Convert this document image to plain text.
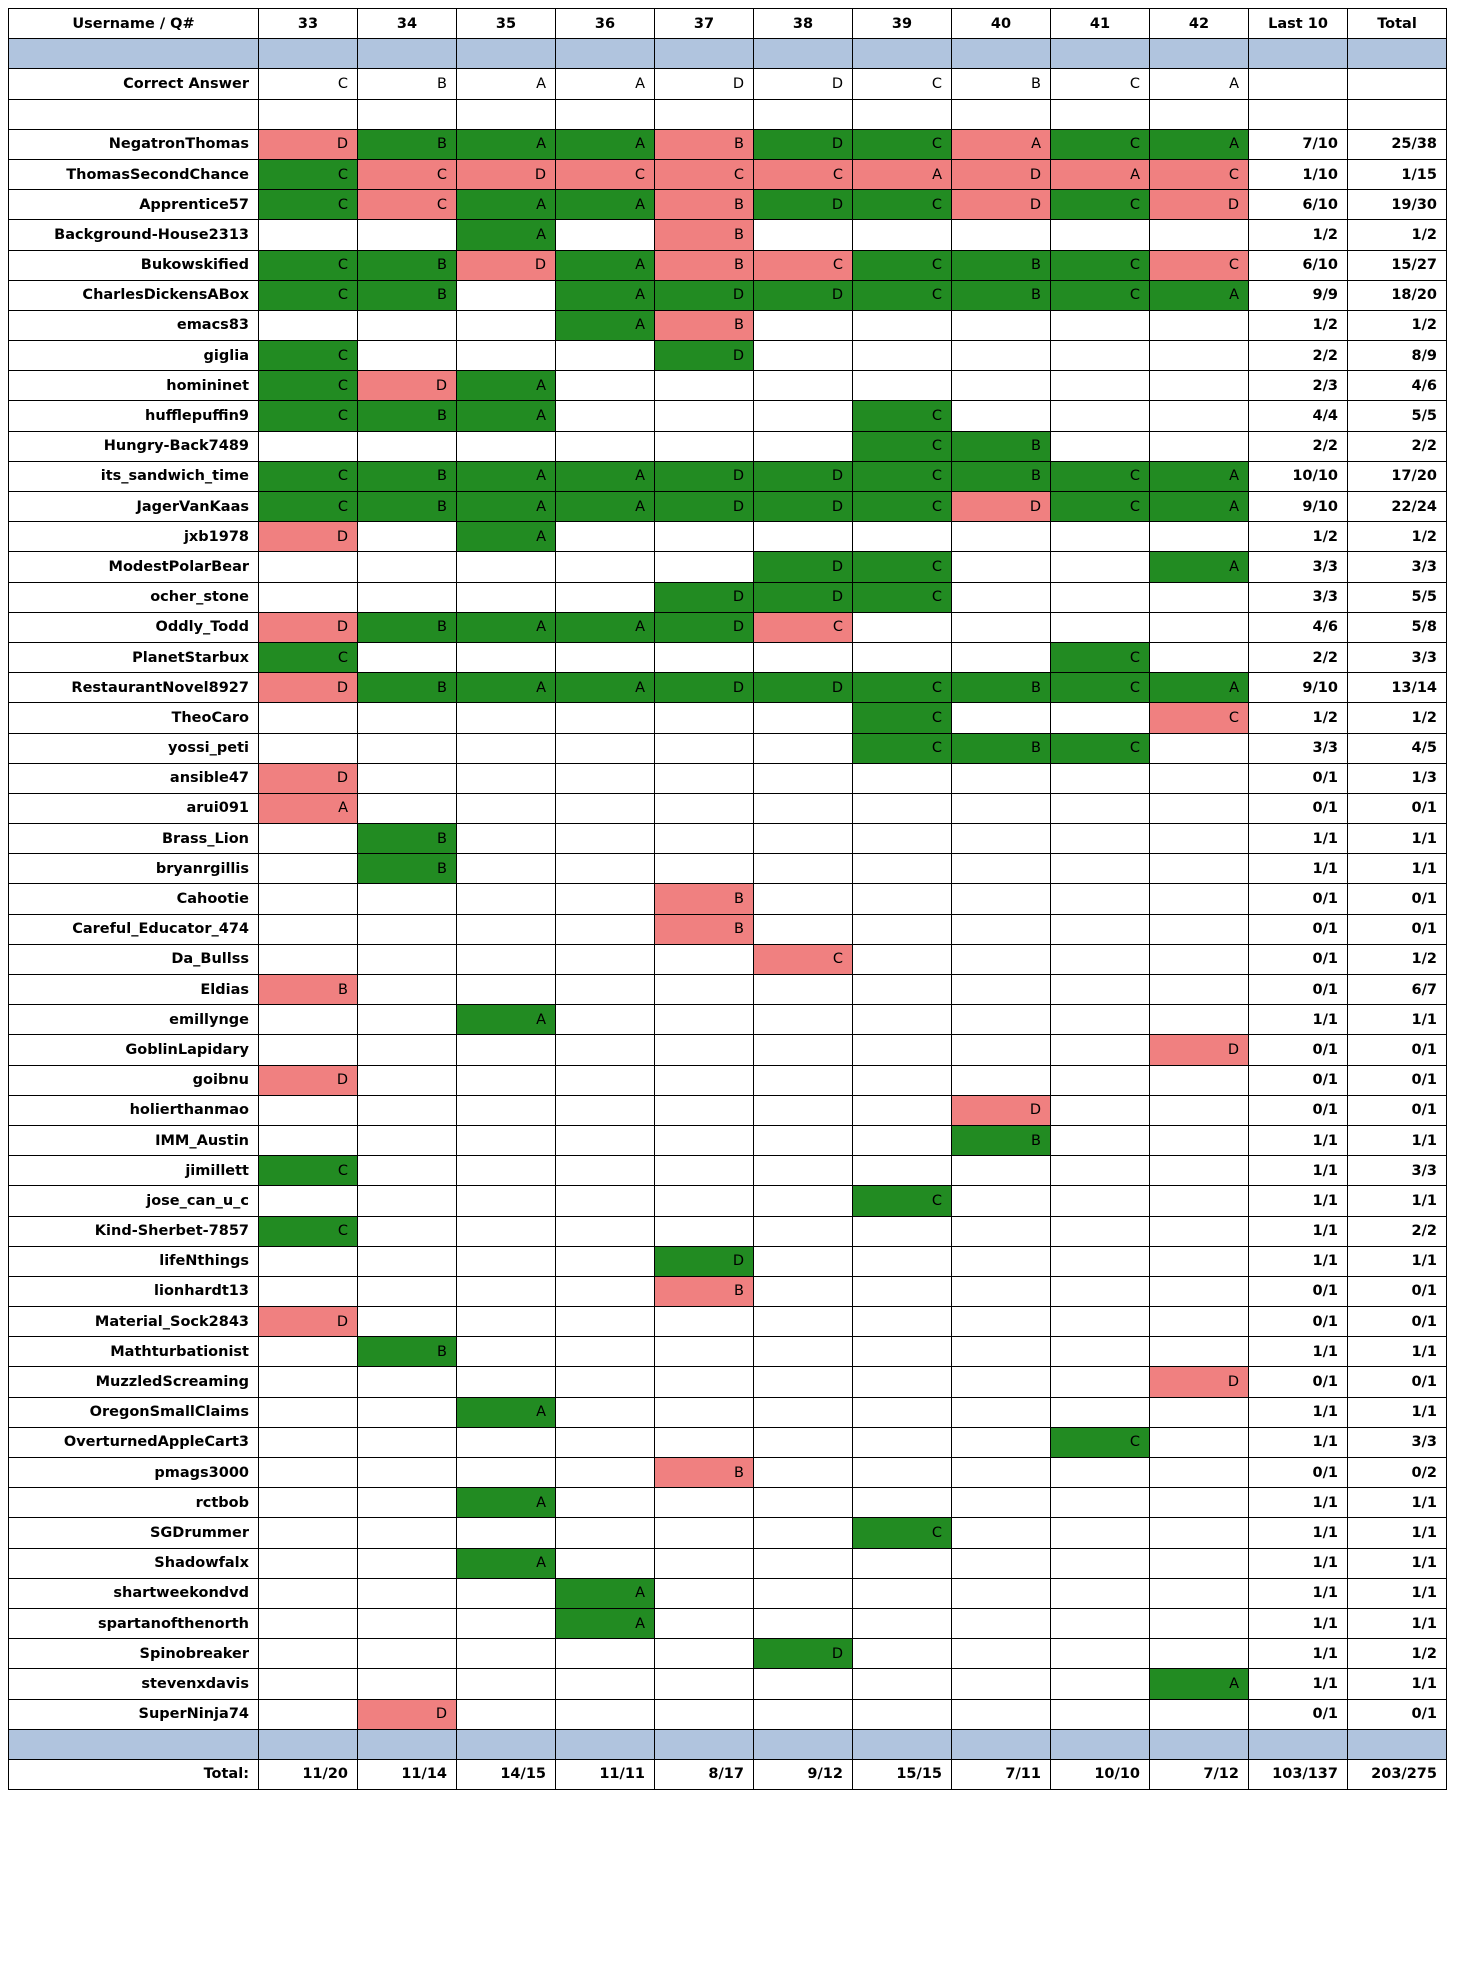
Username / Q#	33	34	35	36	37	38	39	40	41	42	Last 10	Total

Correct Answer	C	B	A	A	D	D	C	B	C	A		

NegatronThomas	D	B	A	A	B	D	C	A	C	A	7/10	25/38
ThomasSecondChance	C	C	D	C	C	C	A	D	A	C	1/10	1/15
Apprentice57	C	C	A	A	B	D	C	D	C	D	6/10	19/30
Background-House2313			A		B						1/2	1/2
Bukowskified	C	B	D	A	B	C	C	B	C	C	6/10	15/27
CharlesDickensABox	C	B		A	D	D	C	B	C	A	9/9	18/20
emacs83				A	B						1/2	1/2
giglia	C				D						2/2	8/9
homininet	C	D	A								2/3	4/6
hufflepuffin9	C	B	A				C				4/4	5/5
Hungry-Back7489							C	B			2/2	2/2
its_sandwich_time	C	B	A	A	D	D	C	B	C	A	10/10	17/20
JagerVanKaas	C	B	A	A	D	D	C	D	C	A	9/10	22/24
jxb1978	D		A								1/2	1/2
ModestPolarBear						D	C			A	3/3	3/3
ocher_stone					D	D	C				3/3	5/5
Oddly_Todd	D	B	A	A	D	C					4/6	5/8
PlanetStarbux	C								C		2/2	3/3
RestaurantNovel8927	D	B	A	A	D	D	C	B	C	A	9/10	13/14
TheoCaro							C			C	1/2	1/2
yossi_peti							C	B	C		3/3	4/5
ansible47	D										0/1	1/3
arui091	A										0/1	0/1
Brass_Lion		B									1/1	1/1
bryanrgillis		B									1/1	1/1
Cahootie					B						0/1	0/1
Careful_Educator_474					B						0/1	0/1
Da_Bullss						C					0/1	1/2
Eldias	B										0/1	6/7
emillynge			A								1/1	1/1
GoblinLapidary										D	0/1	0/1
goibnu	D										0/1	0/1
holierthanmao								D			0/1	0/1
IMM_Austin								B			1/1	1/1
jimillett	C										1/1	3/3
jose_can_u_c							C				1/1	1/1
Kind-Sherbet-7857	C										1/1	2/2
lifeNthings					D						1/1	1/1
lionhardt13					B						0/1	0/1
Material_Sock2843	D										0/1	0/1
Mathturbationist		B									1/1	1/1
MuzzledScreaming										D	0/1	0/1
OregonSmallClaims			A								1/1	1/1
OverturnedAppleCart3									C		1/1	3/3
pmags3000					B						0/1	0/2
rctbob			A								1/1	1/1
SGDrummer							C				1/1	1/1
Shadowfalx			A								1/1	1/1
shartweekondvd				A							1/1	1/1
spartanofthenorth				A							1/1	1/1
Spinobreaker						D					1/1	1/2
stevenxdavis										A	1/1	1/1
SuperNinja74		D									0/1	0/1

Total:	11/20	11/14	14/15	11/11	8/17	9/12	15/15	7/11	10/10	7/12	103/137	203/275
